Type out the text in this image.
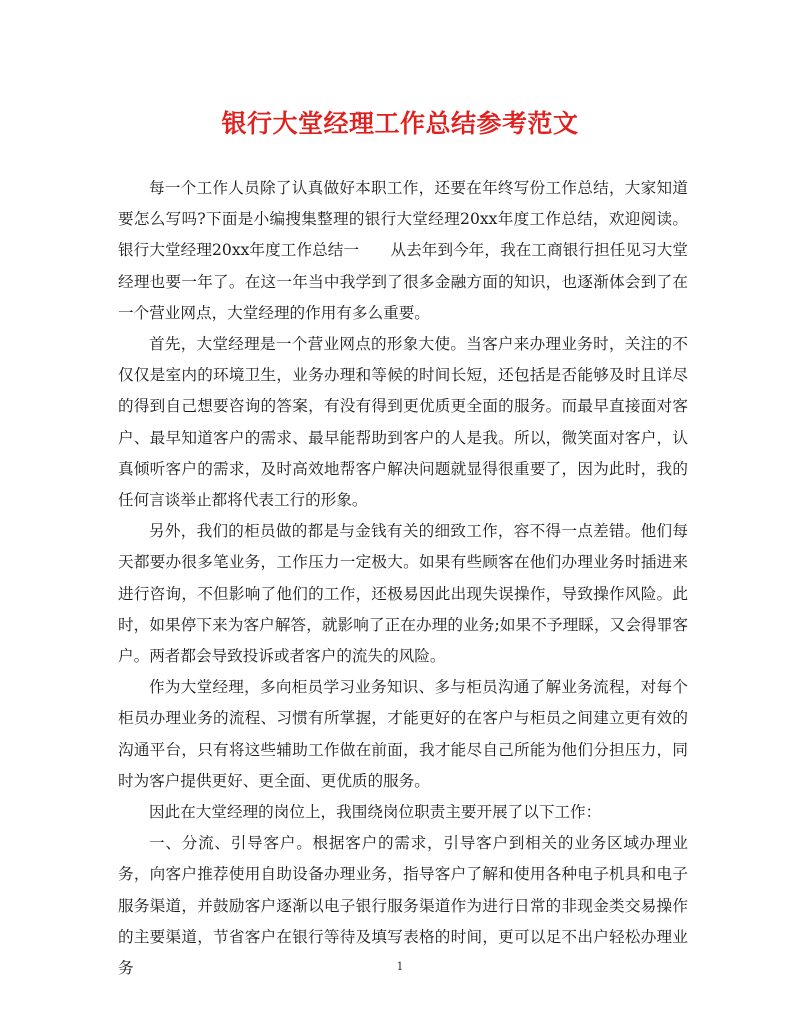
银行大堂经理工作总结参考范文

每一个工作人员除了认真做好本职工作，还要在年终写份工作总结，大家知道要怎么写吗?下面是小编搜集整理的银行大堂经理20xx年度工作总结，欢迎阅读。银行大堂经理20xx年度工作总结一　　从去年到今年，我在工商银行担任见习大堂经理也要一年了。在这一年当中我学到了很多金融方面的知识，也逐渐体会到了在一个营业网点，大堂经理的作用有多么重要。

首先，大堂经理是一个营业网点的形象大使。当客户来办理业务时，关注的不仅仅是室内的环境卫生，业务办理和等候的时间长短，还包括是否能够及时且详尽的得到自己想要咨询的答案，有没有得到更优质更全面的服务。而最早直接面对客户、最早知道客户的需求、最早能帮助到客户的人是我。所以，微笑面对客户，认真倾听客户的需求，及时高效地帮客户解决问题就显得很重要了，因为此时，我的任何言谈举止都将代表工行的形象。

另外，我们的柜员做的都是与金钱有关的细致工作，容不得一点差错。他们每天都要办很多笔业务，工作压力一定极大。如果有些顾客在他们办理业务时插进来进行咨询，不但影响了他们的工作，还极易因此出现失误操作，导致操作风险。此时，如果停下来为客户解答，就影响了正在办理的业务;如果不予理睬，又会得罪客户。两者都会导致投诉或者客户的流失的风险。

作为大堂经理，多向柜员学习业务知识、多与柜员沟通了解业务流程，对每个柜员办理业务的流程、习惯有所掌握，才能更好的在客户与柜员之间建立更有效的沟通平台，只有将这些辅助工作做在前面，我才能尽自己所能为他们分担压力，同时为客户提供更好、更全面、更优质的服务。

因此在大堂经理的岗位上，我围绕岗位职责主要开展了以下工作：

一、分流、引导客户。根据客户的需求，引导客户到相关的业务区域办理业务，向客户推荐使用自助设备办理业务，指导客户了解和使用各种电子机具和电子服务渠道，并鼓励客户逐渐以电子银行服务渠道作为进行日常的非现金类交易操作的主要渠道，节省客户在银行等待及填写表格的时间，更可以足不出户轻松办理业务	1
